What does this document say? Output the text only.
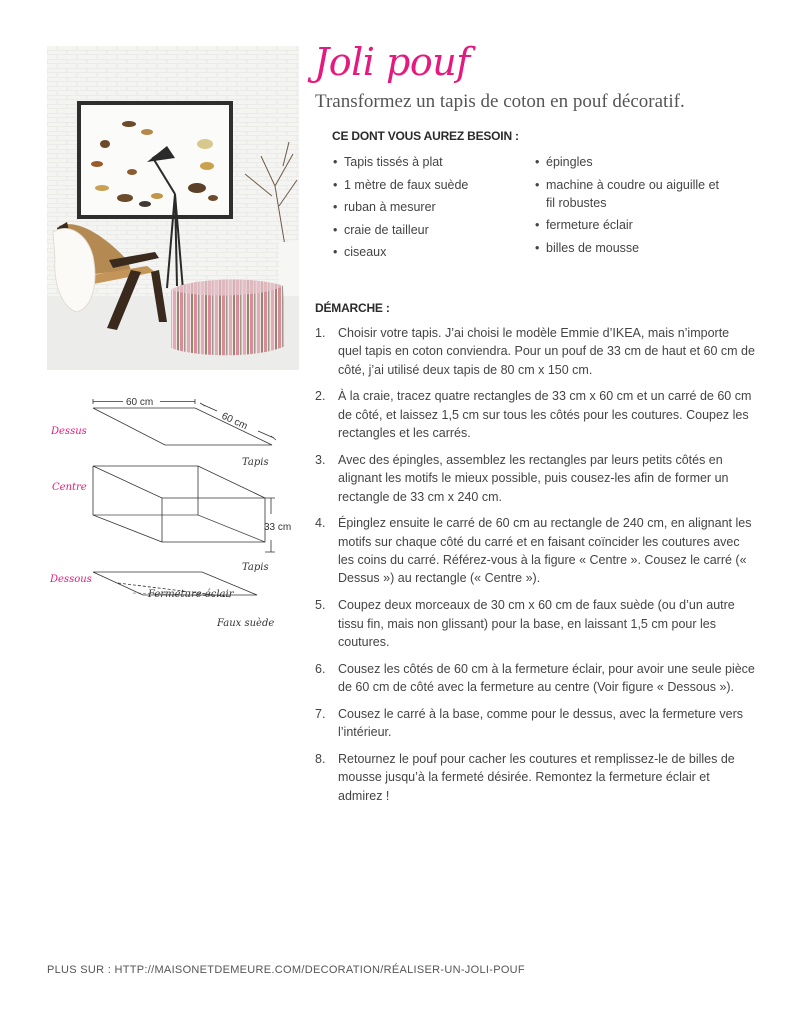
Joli pouf
Transformez un tapis de coton en pouf décoratif.
CE DONT VOUS AUREZ BESOIN :
• Tapis tissés à plat
• 1 mètre de faux suède
• ruban à mesurer
• craie de tailleur
• ciseaux
• épingles
• machine à coudre ou aiguille et fil robustes
• fermeture éclair
• billes de mousse
DÉMARCHE :
1. Choisir votre tapis. J’ai choisi le modèle Emmie d’IKEA, mais n’importe quel tapis en coton conviendra. Pour un pouf de 33 cm de haut et 60 cm de côté, j’ai utilisé deux tapis de 80 cm x 150 cm.
2. À la craie, tracez quatre rectangles de 33 cm x 60 cm et un carré de 60 cm de côté, et laissez 1,5 cm sur tous les côtés pour les coutures. Coupez les rectangles et les carrés.
3. Avec des épingles, assemblez les rectangles par leurs petits côtés en alignant les motifs le mieux possible, puis cousez-les afin de former un rectangle de 33 cm x 240 cm.
4. Épinglez ensuite le carré de 60 cm au rectangle de 240 cm, en alignant les motifs sur chaque côté du carré et en faisant coïncider les coutures avec les coins du carré. Référez-vous à la figure « Centre ». Cousez le carré (« Dessus ») au rectangle (« Centre »).
5. Coupez deux morceaux de 30 cm x 60 cm de faux suède (ou d’un autre tissu fin, mais non glissant) pour la base, en laissant 1,5 cm pour les coutures.
6. Cousez les côtés de 60 cm à la fermeture éclair, pour avoir une seule pièce de 60 cm de côté avec la fermeture au centre (Voir figure « Dessous »).
7. Cousez le carré à la base, comme pour le dessus, avec la fermeture vers l’intérieur.
8. Retournez le pouf pour cacher les coutures et remplissez-le de billes de mousse jusqu’à la fermeté désirée. Remontez la fermeture éclair et admirez !
60 cm
60 cm
33 cm
Dessus
Centre
Dessous
Tapis
Tapis
Fermeture éclair
Faux suède
PLUS SUR : HTTP://MAISONETDEMEURE.COM/DECORATION/RÉALISER-UN-JOLI-POUF
